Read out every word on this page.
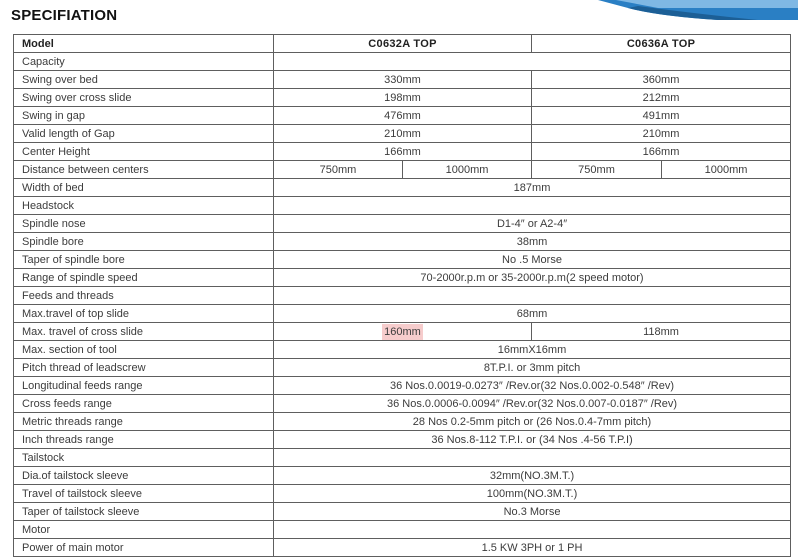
SPECIFIATION
Model	C0632A TOP		C0636A TOP	
Capacity				
Swing over bed	330mm		360mm	
Swing over cross slide	198mm		212mm	
Swing in gap	476mm		491mm	
Valid length of Gap	210mm		210mm	
Center Height	166mm		166mm	
Distance between centers	750mm	1000mm	750mm	1000mm
Width of bed	187mm			
Headstock				
Spindle nose	D1-4″ or A2-4″			
Spindle bore	38mm			
Taper of spindle bore	No .5 Morse			
Range of spindle speed	70-2000r.p.m or 35-2000r.p.m(2 speed motor)			
Feeds and threads				
Max.travel of top slide	68mm			
Max. travel of cross slide	160mm		118mm	
Max. section of tool	16mmX16mm			
Pitch thread of leadscrew	8T.P.I. or 3mm pitch			
Longitudinal feeds range	36 Nos.0.0019-0.0273″ /Rev.or(32 Nos.0.002-0.548″ /Rev)			
Cross feeds range	36 Nos.0.0006-0.0094″ /Rev.or(32 Nos.0.007-0.0187″ /Rev)			
Metric threads range	28 Nos 0.2-5mm pitch or (26 Nos.0.4-7mm pitch)			
Inch threads range	36 Nos.8-112 T.P.I. or (34 Nos .4-56 T.P.I)			
Tailstock				
Dia.of tailstock sleeve	32mm(NO.3M.T.)			
Travel of tailstock sleeve	100mm(NO.3M.T.)			
Taper of tailstock sleeve	No.3 Morse			
Motor				
Power of main motor	1.5 KW 3PH or 1 PH			
